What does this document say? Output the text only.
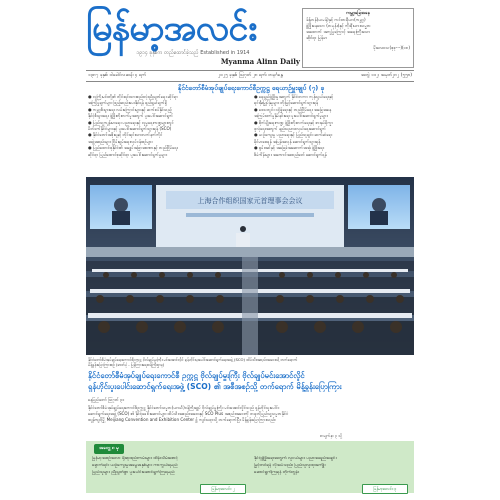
မြန်မာ့အလင်း
၁၉၁၄ ခုနှစ်က တည်ထောင်ခဲ့သည် Established in 1914
Myanma Alinn Daily
ကမ္ဘာ့ခြေအနေ
ခ်န့်ဘန်(ယမန်)နှင့် ကင်းဘရီယာ(ကမ္ဘာ့)
ဖွံ့ဖြိုးနေသော (တမုန်း)နှင့် ကိုးရီးယားသမ္မတ
အထောက် အကူပြုကြောင့် အရေးကြီးသော
ဆိုင်ရာ မြန်မာ
မိုးလေဝသ(စုစု---)(၁၈)
၁၃၈၇ ခုနှစ်၊ ဝါခေါင်လဆန်း ၄ ရက်	၂၀၂၅ ခုနှစ်၊ ဩဂုတ် ၂၈ ရက်၊ တနင်္ဂနွေ	အတွဲ ၁၁၂၊ အမှတ်၂၈၂ (၅၅၈)
နိုင်ငံတော်စီမံအုပ်ချုပ်ရေးကောင်စီဥက္ကဋ္ဌ ရေယာဉ်မှူးချုပ် (၇) ခု

● လူကြီးမင်းတို့၏ တိုင်းရင်းသားစည်းလုံးညီညွတ်ရေး ဆိုင်ရာ

အကြံပြုချက်များ ဖြည့်ဆည်းပေးနိုင်ရန် ရည်ရွယ်ချက်ရှိ

● ကမ္ဘာ့စီးပွားရေး လမ်းကြောင်းများနှင့် ဆက်စပ်နိုင်သည့်

နိုင်ငံ့စီးပွားရေး ဖွံ့ဖြိုးတိုးတက်မှုအတွက် ပူးပေါင်းဆောင်ရွက်

● ပြည်သူ့ကျန်းမာရေး ပညာရေးနှင့် လူမှုရေးကဏ္ဍများတွင်

မိတ်ဖက်နိုင်ငံများနှင့် ပူးပေါင်းဆောင်ရွက်သွားရန် (SCO)

● နိုင်ငံတော်အစိုးရနှင့် တိုင်းရင်းသားလက်နက်ကိုင်

အဖွဲ့အစည်းများ ငြိမ်းချမ်းရေးလုပ်ငန်းစဉ်များ

● ပြည်ထောင်စုနိုင်ငံ၏ အချုပ်အခြာအာဏာနှင့် တည်ငြိမ်ရေး

ဆိုင်ရာ ပြည်ထောင်စုဆိုင်ရာ ပူးပေါင်းဆောင်ရွက်မှုများ

● ရေရှည်ဖွံ့ဖြိုးမှုအတွက် နိုင်ငံတကာ ကုန်သွယ်ရေးနှင့်

ရင်းနှီးမြှုပ်နှံမှုများ တိုးမြှင့်ဆောင်ရွက်သွားရန်

● ဒေသတွင်း လုံခြုံရေးနှင့် တည်ငြိမ်ရေး အခြေအနေ

အကြမ်းဖက်မှုနှိမ်နင်းရေး ပူးပေါင်းဆောင်ရွက်မှုများ

● စိုက်ပျိုးရေးကဏ္ဍ ဖွံ့ဖြိုးတိုးတက်ရေးနှင့် စားနပ်ရိက္ခာ

ဖူလုံရေးအတွက် နည်းပညာဖလှယ်ရေးဆောင်ရွက်

● ယဉ်ကျေးမှု ပညာရေးနှင့် ပြည်သူချင်း ဆက်ဆံရေး

ခိုင်မာစေရန် အပြန်အလှန် ဆောင်ရွက်သွားရန်

● စွမ်းအင်နှင့် အခြေခံအဆောက်အအုံ ဖွံ့ဖြိုးရေး

စီမံကိန်းများ အကောင်အထည်ဖော် ဆောင်ရွက်ရန်

上海合作组织国家元首理事会会议

နိုင်ငံတော်စီမံအုပ်ချုပ်ရေးကောင်စီဥက္ကဋ္ဌ ဗိုလ်ချုပ်မှူးကြီး မင်းအောင်လှိုင် ရှန်ဟိုင်းပူးပေါင်းဆောင်ရွက်ရေးအဖွဲ့ (SCO) ထိပ်သီးအစည်းအဝေးသို့ တက်ရောက်

မိန့်ခွန်းပြောကြားစဉ် (ဓာတ်ပုံ - ပြန်ကြားရေးဝန်ကြီးဌာန)

နိုင်ငံတော်စီမံအုပ်ချုပ်ရေးကောင်စီ ဥက္ကဋ္ဌ ဗိုလ်ချုပ်မှူးကြီး ဗိုလ်ချုပ်မင်းအောင်လှိုင်

ရှန်ဟိုင်းပူးပေါင်းဆောင်ရွက်ရေးအဖွဲ့ (SCO) ၏ အစီအစဉ်သို့ တက်ရောက် မိန့်ခွန်းပြောကြား

နေပြည်တော် ဩဂုတ် ၃၁

နိုင်ငံတော်စီမံအုပ်ချုပ်ရေးကောင်စီဥက္ကဋ္ဌ နိုင်ငံတော်သမ္မတ(ယာယီ)ဝန်ကြီးချုပ် ဗိုလ်ချုပ်မှူးကြီး မင်းအောင်လှိုင်သည် ရှန်ဟိုင်းပူးပေါင်း

ဆောင်ရွက်ရေးအဖွဲ့ (SCO) ၏ နိုင်ငံ့ခေါင်းဆောင်များ ထိပ်သီးအစည်းအဝေးနှင့် SCO Plus အစည်းအဝေးကို တရုတ်ပြည်သူ့သမ္မတနိုင်ငံ

ထျန်ကျင်မြို့ Meijiang Convention and Exhibition Center ၌ ကျင်းပရာသို့ တက်ရောက်ပြီး မိန့်ခွန်းပြောကြားသည်။

စာမျက်နှာ ၃ သို့
အတွေ့ ၈ မှ

မြန်မာ့အစဉ်အလာ ရိုးရာစည်းကမ်းများ ထိန်းသိမ်းစောင့်

ရှောက်ရင်း ယဉ်ကျေးမှုအမွေအနှစ်များ ကာကွယ်ရမည်

ပြည်သူများ ညီညွတ်စွာ ပူးပေါင်းဆောင်ရွက်ကြရမည်

နိုင်ငံ့ဖွံ့ဖြိုးရေးအတွက် လူငယ်များ ပညာအရည်အချင်း

မြှင့်တင်ရန် လိုအပ်သည်။ ပြည်သူလူထုအကျိုး

ဆောင်ရွက်ကြရန် တိုက်တွန်း

မြန်မာ့အလင်း ၂	မြန်မာ့အလင်း ၃
